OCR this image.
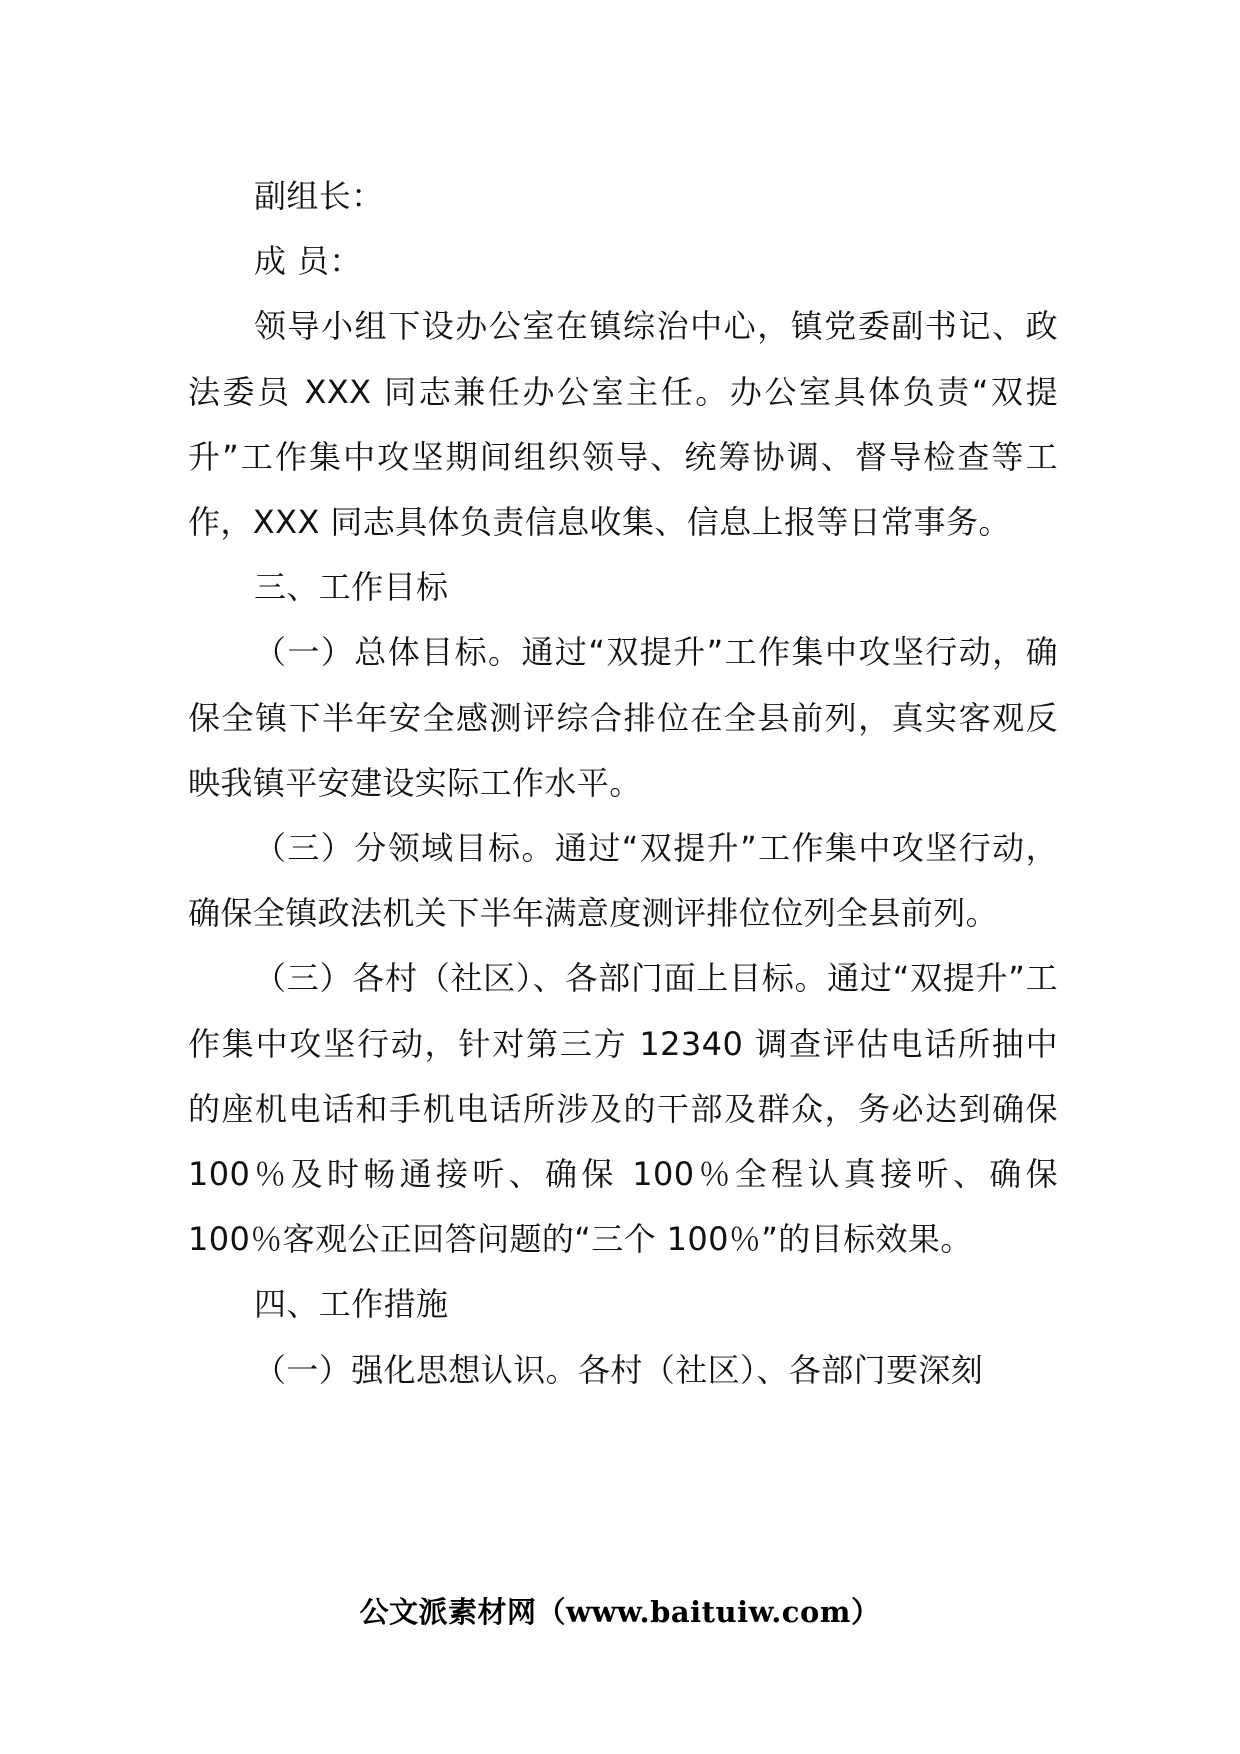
副组长：

成 员：

领导小组下设办公室在镇综治中心，镇党委副书记、政法委员 XXX 同志兼任办公室主任。办公室具体负责“双提升”工作集中攻坚期间组织领导、统筹协调、督导检查等工作，XXX 同志具体负责信息收集、信息上报等日常事务。

三、工作目标

（一）总体目标。通过“双提升”工作集中攻坚行动，确保全镇下半年安全感测评综合排位在全县前列，真实客观反映我镇平安建设实际工作水平。

（三）分领域目标。通过“双提升”工作集中攻坚行动，确保全镇政法机关下半年满意度测评排位位列全县前列。

（三）各村（社区）、各部门面上目标。通过“双提升”工作集中攻坚行动，针对第三方 12340 调查评估电话所抽中的座机电话和手机电话所涉及的干部及群众，务必达到确保 100％及时畅通接听、确保 100％全程认真接听、确保 100％客观公正回答问题的“三个 100％”的目标效果。

四、工作措施

（一）强化思想认识。各村（社区）、各部门要深刻

公文派素材网（www.baituiw.com）
